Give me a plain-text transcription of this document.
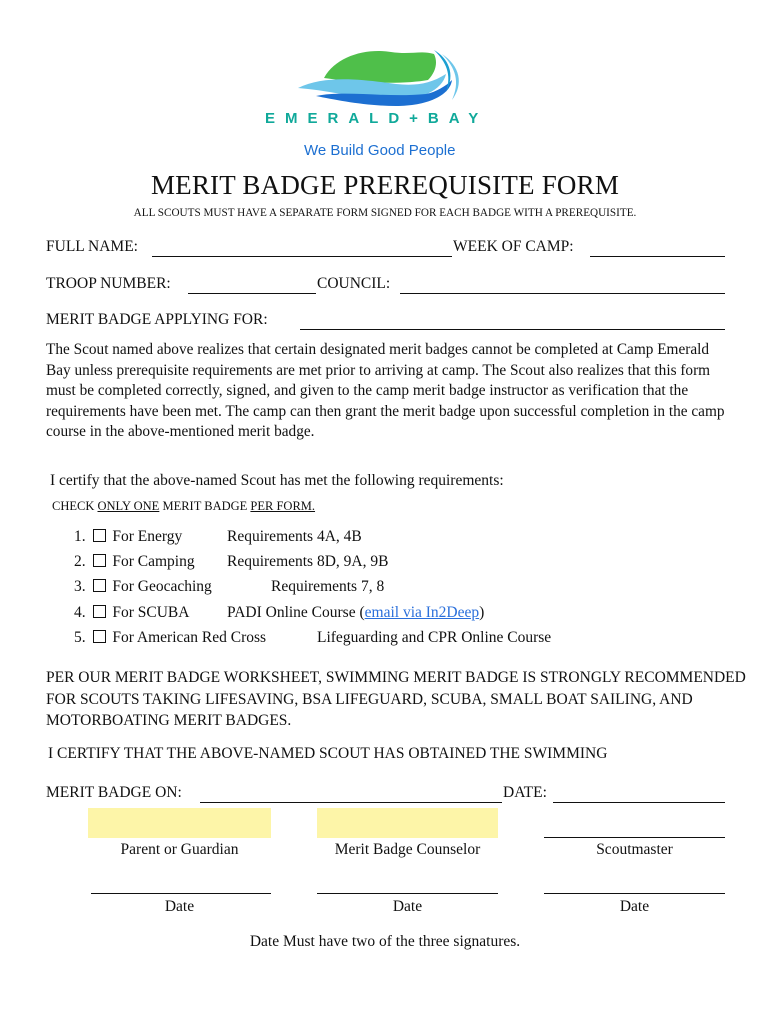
EMERALD+BAY
We Build Good People
MERIT BADGE PREREQUISITE FORM
ALL SCOUTS MUST HAVE A SEPARATE FORM SIGNED FOR EACH BADGE WITH A PREREQUISITE.
FULL NAME:	WEEK OF CAMP:
TROOP NUMBER:	COUNCIL:
MERIT BADGE APPLYING FOR:
The Scout named above realizes that certain designated merit badges cannot be completed at Camp Emerald Bay unless prerequisite requirements are met prior to arriving at camp. The Scout also realizes that this form must be completed correctly, signed, and given to the camp merit badge instructor as verification that the requirements have been met. The camp can then grant the merit badge upon successful completion in the camp course in the above-mentioned merit badge.
I certify that the above-named Scout has met the following requirements:
CHECK ONLY ONE MERIT BADGE PER FORM.
1. For Energy	Requirements 4A, 4B
2. For Camping Requirements 8D, 9A, 9B
3. For Geocaching	Requirements 7, 8
4. For SCUBA PADI Online Course (email via In2Deep)
5. For American Red Cross	Lifeguarding and CPR Online Course
PER OUR MERIT BADGE WORKSHEET, SWIMMING MERIT BADGE IS STRONGLY RECOMMENDED FOR SCOUTS TAKING LIFESAVING, BSA LIFEGUARD, SCUBA, SMALL BOAT SAILING, AND MOTORBOATING MERIT BADGES.
I CERTIFY THAT THE ABOVE-NAMED SCOUT HAS OBTAINED THE SWIMMING
MERIT BADGE ON:	DATE:
Parent or Guardian	Merit Badge Counselor	Scoutmaster
Date	Date	Date
Date Must have two of the three signatures.
